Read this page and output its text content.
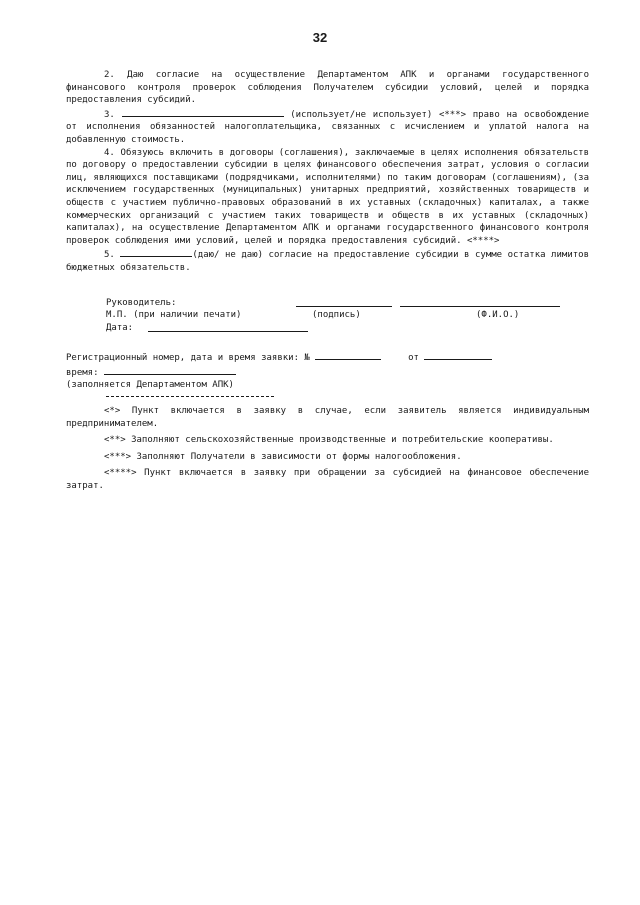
32

2. Даю согласие на осуществление Департаментом АПК и органами государственного финансового контроля проверок соблюдения Получателем субсидии условий, целей и порядка предоставления субсидий.

3.	(использует/не использует) <***> право на освобождение от исполнения обязанностей налогоплательщика, связанных с исчислением и уплатой налога на добавленную стоимость.

4. Обязуюсь включить в договоры (соглашения), заключаемые в целях исполнения обязательств по договору о предоставлении субсидии в целях финансового обеспечения затрат, условия о согласии лиц, являющихся поставщиками (подрядчиками, исполнителями) по таким договорам (соглашениям), (за исключением государственных (муниципальных) унитарных предприятий, хозяйственных товариществ и обществ с участием публично-правовых образований в их уставных (складочных) капиталах, а также коммерческих организаций с участием таких товариществ и обществ в их уставных (складочных) капиталах), на осуществление Департаментом АПК и органами государственного финансового контроля проверок соблюдения ими условий, целей и порядка предоставления субсидий. <****>

5.	(даю/ не даю) согласие на предоставление субсидии в сумме остатка лимитов бюджетных обязательств.

Руководитель:
М.П. (при наличии печати)	(подпись)	(Ф.И.О.)
Дата:
Регистрационный номер, дата и время заявки: №	от
время:
(заполняется Департаментом АПК)

<*> Пункт включается в заявку в случае, если заявитель является индивидуальным предпринимателем.

<**> Заполняют сельскохозяйственные производственные и потребительские кооперативы.

<***> Заполняют Получатели в зависимости от формы налогообложения.

<****> Пункт включается в заявку при обращении за субсидией на финансовое обеспечение затрат.
